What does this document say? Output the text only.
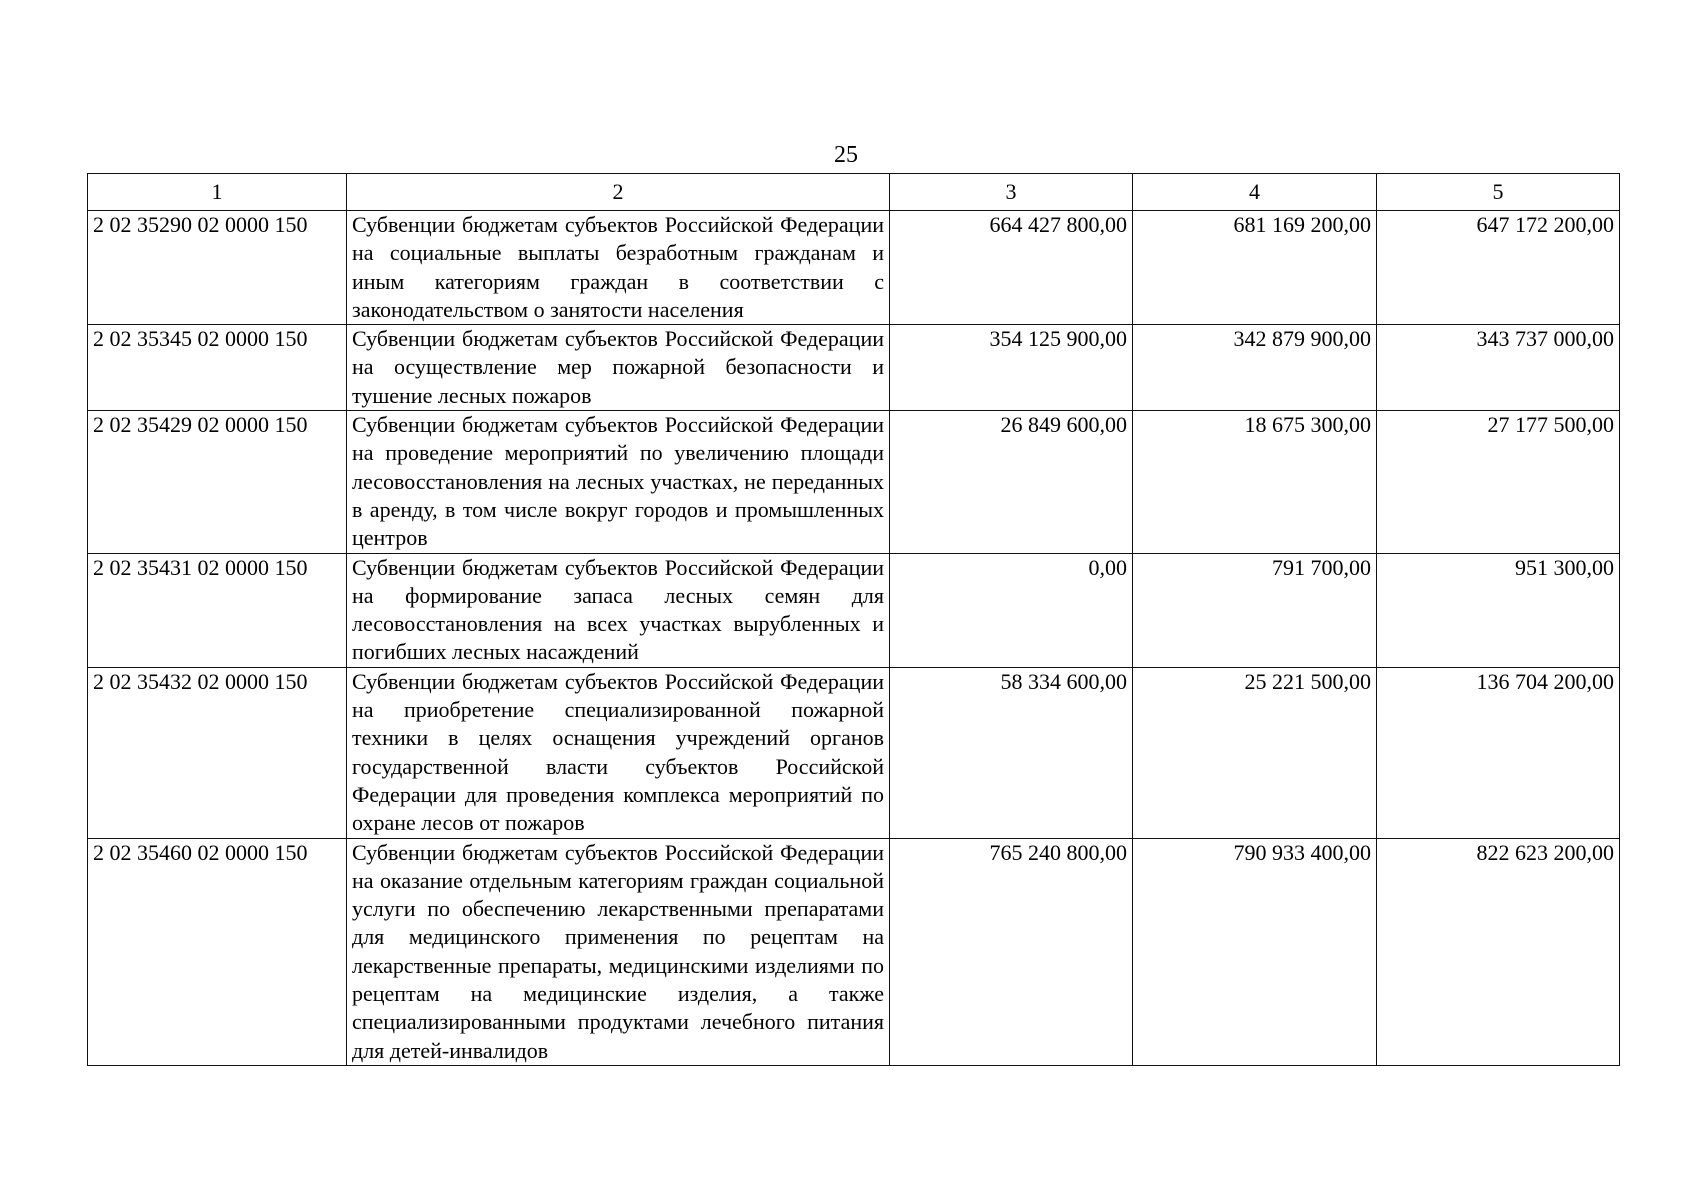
25
1	2	3	4	5
2 02 35290 02 0000 150	Субвенции бюджетам субъектов Российской Федерации на социальные выплаты безработным гражданам и иным категориям граждан в соответствии с законодательством о занятости населения	664 427 800,00	681 169 200,00	647 172 200,00
2 02 35345 02 0000 150	Субвенции бюджетам субъектов Российской Федерации на осуществление мер пожарной безопасности и тушение лесных пожаров	354 125 900,00	342 879 900,00	343 737 000,00
2 02 35429 02 0000 150	Субвенции бюджетам субъектов Российской Федерации на проведение мероприятий по увеличению площади лесовосстановления на лесных участках, не переданных в аренду, в том числе вокруг городов и промышленных центров	26 849 600,00	18 675 300,00	27 177 500,00
2 02 35431 02 0000 150	Субвенции бюджетам субъектов Российской Федерации на формирование запаса лесных семян для лесовосстановления на всех участках вырубленных и погибших лесных насаждений	0,00	791 700,00	951 300,00
2 02 35432 02 0000 150	Субвенции бюджетам субъектов Российской Федерации на приобретение специализированной пожарной техники в целях оснащения учреждений органов государственной власти субъектов Российской Федерации для проведения комплекса мероприятий по охране лесов от пожаров	58 334 600,00	25 221 500,00	136 704 200,00
2 02 35460 02 0000 150	Субвенции бюджетам субъектов Российской Федерации на оказание отдельным категориям граждан социальной услуги по обеспечению лекарственными препаратами для медицинского применения по рецептам на лекарственные препараты, медицинскими изделиями по рецептам на медицинские изделия, а также специализированными продуктами лечебного питания для детей-инвалидов	765 240 800,00	790 933 400,00	822 623 200,00
